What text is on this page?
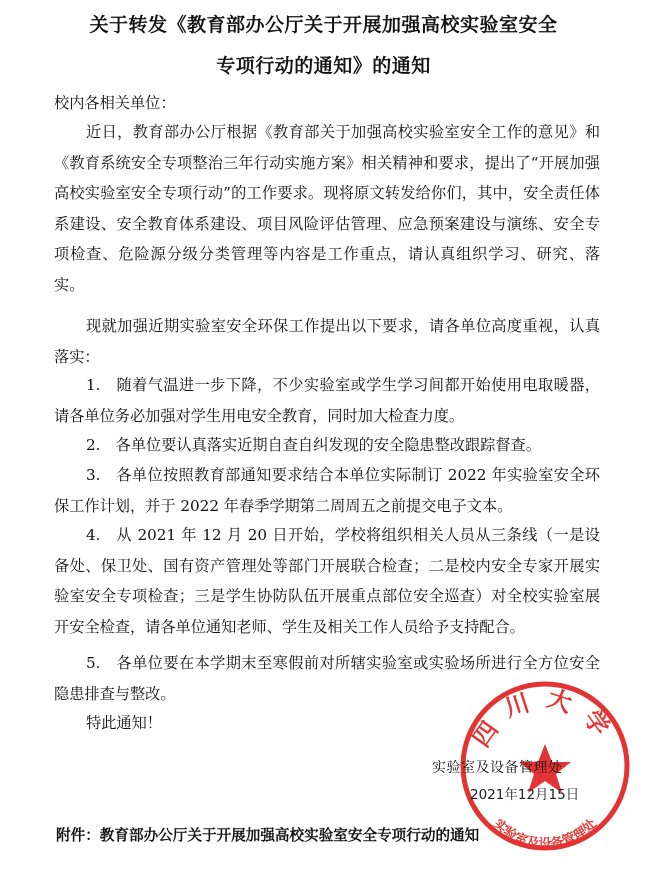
关于转发《教育部办公厅关于开展加强高校实验室安全
专项行动的通知》的通知

校内各相关单位：

近日，教育部办公厅根据《教育部关于加强高校实验室安全工作的意见》和《教育系统安全专项整治三年行动实施方案》相关精神和要求，提出了“开展加强高校实验室安全专项行动”的工作要求。现将原文转发给你们，其中，安全责任体系建设、安全教育体系建设、项目风险评估管理、应急预案建设与演练、安全专项检查、危险源分级分类管理等内容是工作重点，请认真组织学习、研究、落实。

现就加强近期实验室安全环保工作提出以下要求，请各单位高度重视，认真落实：

1.　随着气温进一步下降，不少实验室或学生学习间都开始使用电取暖器，请各单位务必加强对学生用电安全教育，同时加大检查力度。

2.　各单位要认真落实近期自查自纠发现的安全隐患整改跟踪督查。

3.　各单位按照教育部通知要求结合本单位实际制订 2022 年实验室安全环保工作计划，并于 2022 年春季学期第二周周五之前提交电子文本。

4.　从 2021 年 12 月 20 日开始，学校将组织相关人员从三条线（一是设备处、保卫处、国有资产管理处等部门开展联合检查；二是校内安全专家开展实验室安全专项检查；三是学生协防队伍开展重点部位安全巡查）对全校实验室展开安全检查，请各单位通知老师、学生及相关工作人员给予支持配合。

5.　各单位要在本学期末至寒假前对所辖实验室或实验场所进行全方位安全隐患排查与整改。

特此通知！	四川大学
实验室及设备管理处
实验室及设备管理处
2021年12月15日
附件：教育部办公厅关于开展加强高校实验室安全专项行动的通知
